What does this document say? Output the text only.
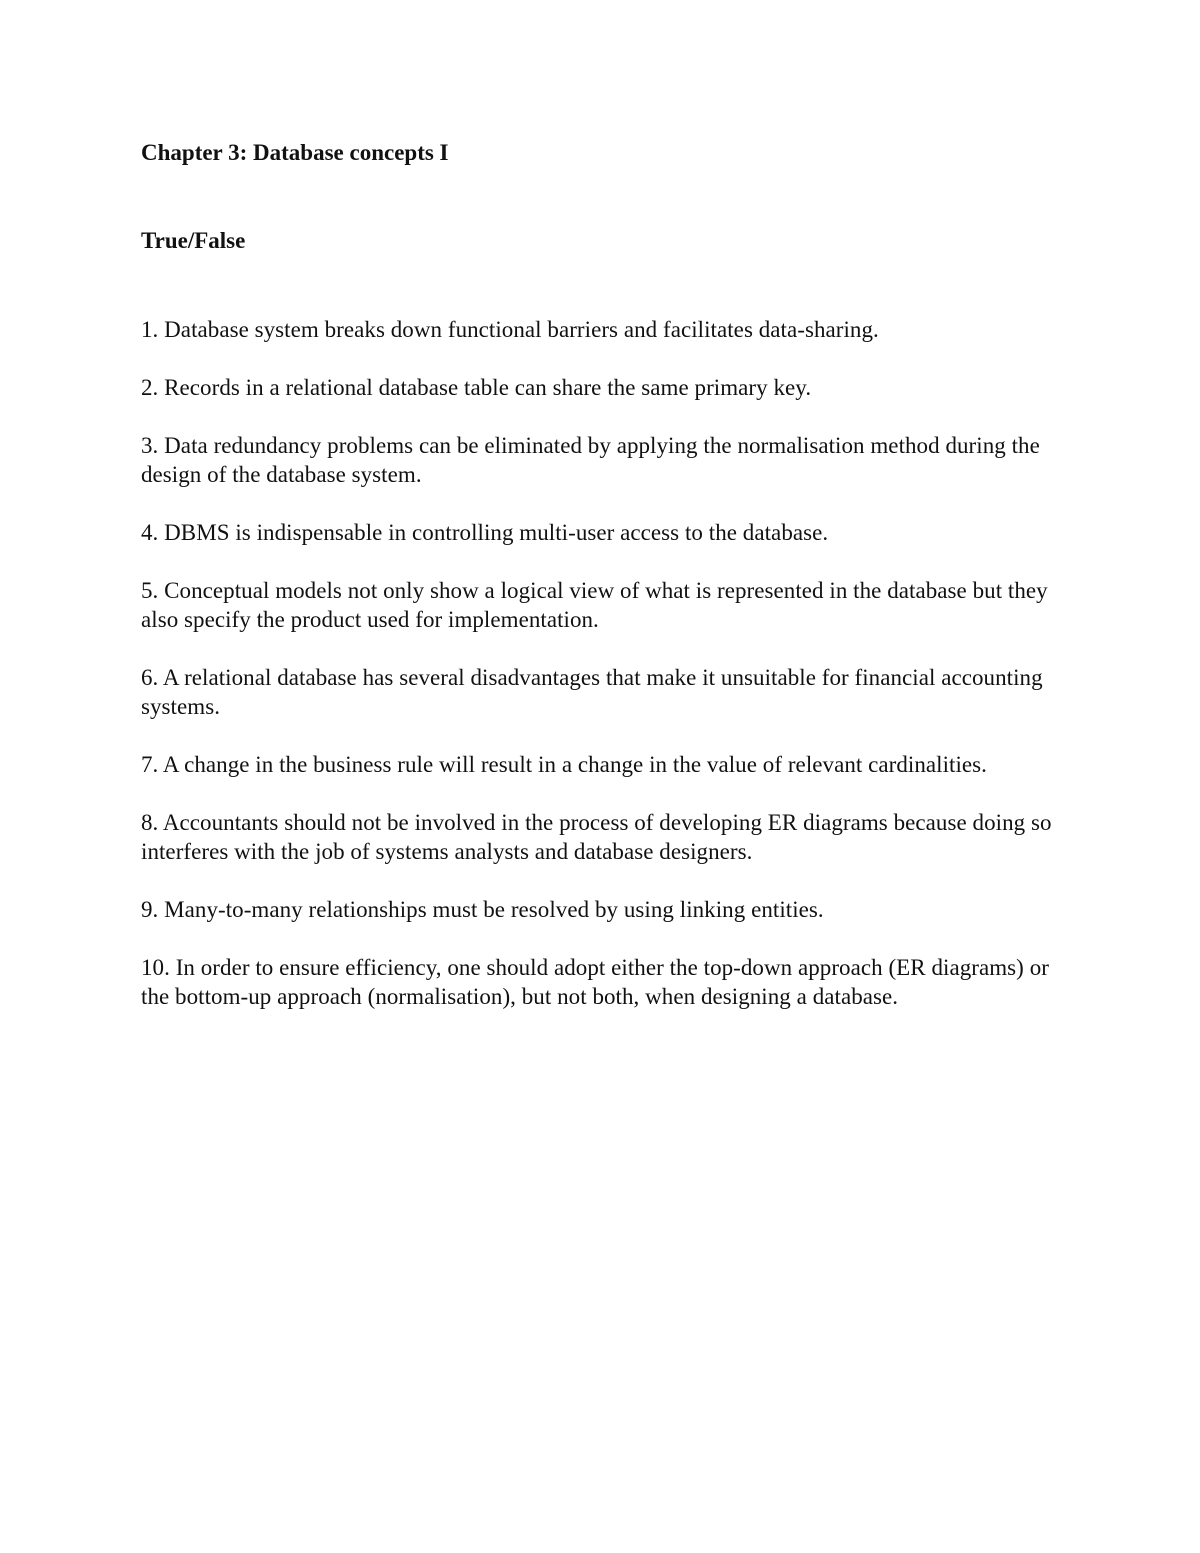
Chapter 3: Database concepts I
True/False
1. Database system breaks down functional barriers and facilitates data-sharing.
2. Records in a relational database table can share the same primary key.
3. Data redundancy problems can be eliminated by applying the normalisation method during the design of the database system.
4. DBMS is indispensable in controlling multi-user access to the database.
5. Conceptual models not only show a logical view of what is represented in the database but they also specify the product used for implementation.
6. A relational database has several disadvantages that make it unsuitable for financial accounting systems.
7. A change in the business rule will result in a change in the value of relevant cardinalities.
8. Accountants should not be involved in the process of developing ER diagrams because doing so interferes with the job of systems analysts and database designers.
9. Many-to-many relationships must be resolved by using linking entities.
10. In order to ensure efficiency, one should adopt either the top-down approach (ER diagrams) or the bottom-up approach (normalisation), but not both, when designing a database.
